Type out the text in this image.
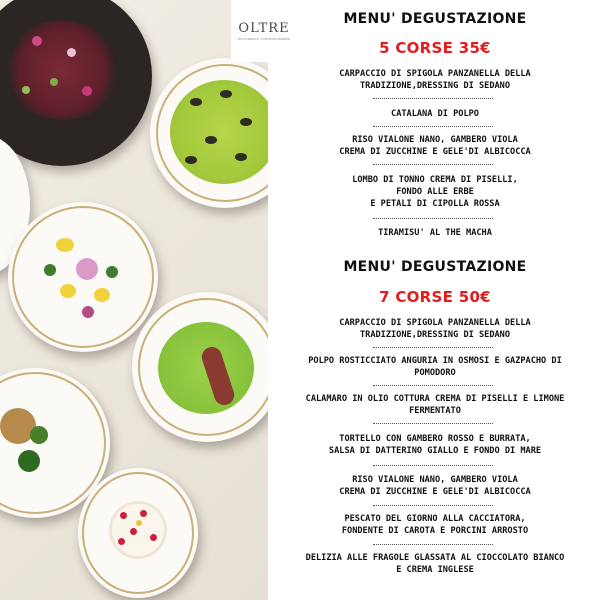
OLTRE
RISTORANTE CONTEMPORANEO
MENU' DEGUSTAZIONE
5 CORSE 35€
CARPACCIO DI SPIGOLA PANZANELLA DELLA
TRADIZIONE,DRESSING DI SEDANO
CATALANA DI POLPO
RISO VIALONE NANO, GAMBERO VIOLA
CREMA DI ZUCCHINE E GELE'DI ALBICOCCA
LOMBO DI TONNO CREMA DI PISELLI,
FONDO ALLE ERBE
E PETALI DI CIPOLLA ROSSA
TIRAMISU' AL THE MACHA
MENU' DEGUSTAZIONE
7 CORSE 50€
CARPACCIO DI SPIGOLA PANZANELLA DELLA
TRADIZIONE,DRESSING DI SEDANO
POLPO ROSTICCIATO ANGURIA IN OSMOSI E GAZPACHO DI
POMODORO
CALAMARO IN OLIO COTTURA CREMA DI PISELLI E LIMONE
FERMENTATO
TORTELLO CON GAMBERO ROSSO E BURRATA,
SALSA DI DATTERINO GIALLO E FONDO DI MARE
RISO VIALONE NANO, GAMBERO VIOLA
CREMA DI ZUCCHINE E GELE'DI ALBICOCCA
PESCATO DEL GIORNO ALLA CACCIATORA,
FONDENTE DI CAROTA E PORCINI ARROSTO
DELIZIA ALLE FRAGOLE GLASSATA AL CIOCCOLATO BIANCO
E CREMA INGLESE
